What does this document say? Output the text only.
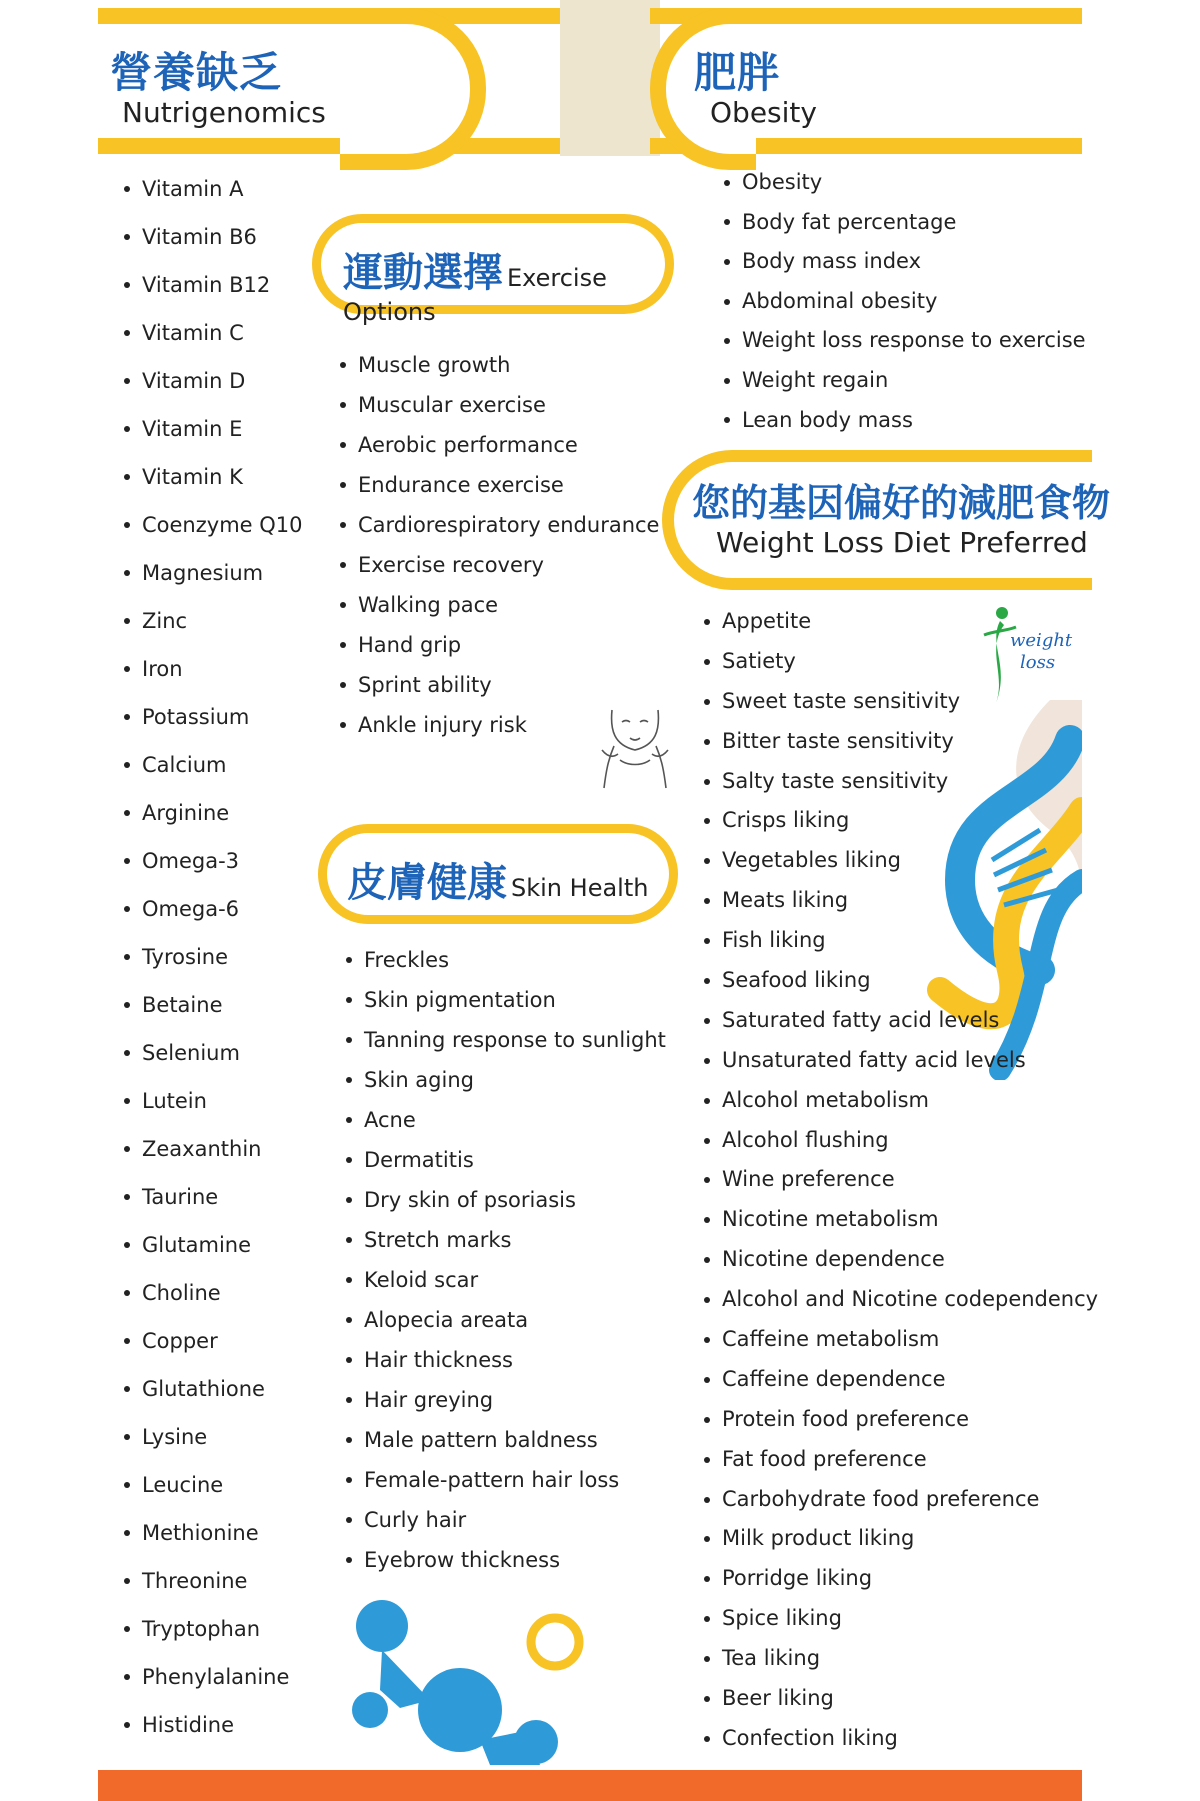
營養缺乏
Nutrigenomics
肥胖
Obesity
Vitamin A
Vitamin B6
Vitamin B12
Vitamin C
Vitamin D
Vitamin E
Vitamin K
Coenzyme Q10
Magnesium
Zinc
Iron
Potassium
Calcium
Arginine
Omega-3
Omega-6
Tyrosine
Betaine
Selenium
Lutein
Zeaxanthin
Taurine
Glutamine
Choline
Copper
Glutathione
Lysine
Leucine
Methionine
Threonine
Tryptophan
Phenylalanine
Histidine
運動選擇 Exercise Options
Muscle growth
Muscular exercise
Aerobic performance
Endurance exercise
Cardiorespiratory endurance
Exercise recovery
Walking pace
Hand grip
Sprint ability
Ankle injury risk
皮膚健康 Skin Health
Freckles
Skin pigmentation
Tanning response to sunlight
Skin aging
Acne
Dermatitis
Dry skin of psoriasis
Stretch marks
Keloid scar
Alopecia areata
Hair thickness
Hair greying
Male pattern baldness
Female-pattern hair loss
Curly hair
Eyebrow thickness
Obesity
Body fat percentage
Body mass index
Abdominal obesity
Weight loss response to exercise
Weight regain
Lean body mass
您的基因偏好的減肥食物
Weight Loss Diet Preferred
weight
loss
Appetite
Satiety
Sweet taste sensitivity
Bitter taste sensitivity
Salty taste sensitivity
Crisps liking
Vegetables liking
Meats liking
Fish liking
Seafood liking
Saturated fatty acid levels
Unsaturated fatty acid levels
Alcohol metabolism
Alcohol flushing
Wine preference
Nicotine metabolism
Nicotine dependence
Alcohol and Nicotine codependency
Caffeine metabolism
Caffeine dependence
Protein food preference
Fat food preference
Carbohydrate food preference
Milk product liking
Porridge liking
Spice liking
Tea liking
Beer liking
Confection liking
